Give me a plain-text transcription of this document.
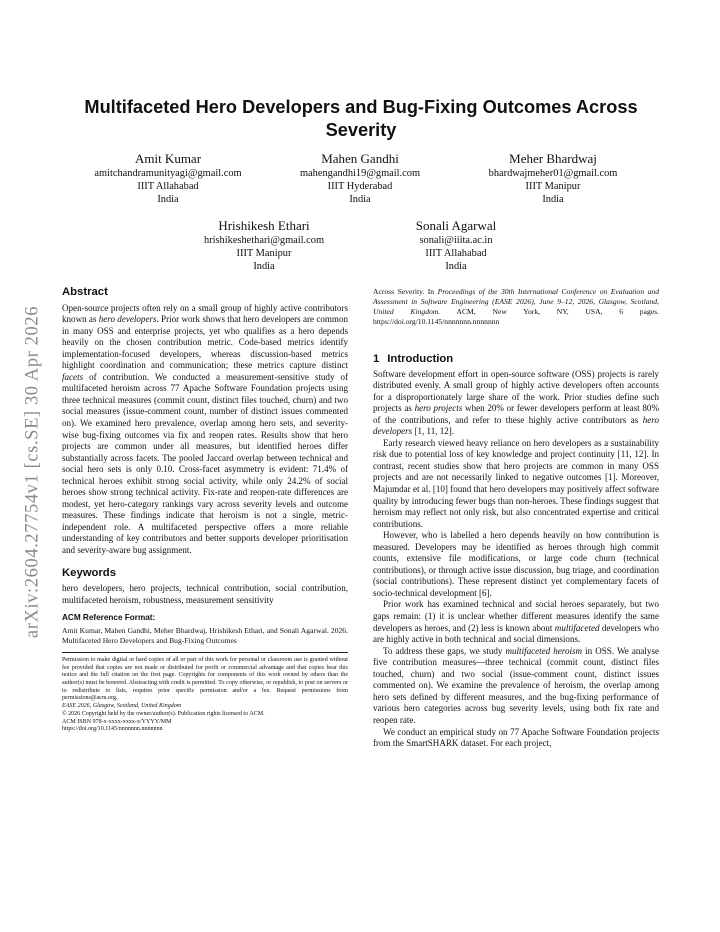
arXiv:2604.27754v1 [cs.SE] 30 Apr 2026
Multifaceted Hero Developers and Bug-Fixing Outcomes Across Severity
Amit Kumar
amitchandramunityagi@gmail.com
IIIT Allahabad
India
Mahen Gandhi
mahengandhi19@gmail.com
IIIT Hyderabad
India
Meher Bhardwaj
bhardwajmeher01@gmail.com
IIIT Manipur
India
Hrishikesh Ethari
hrishikeshethari@gmail.com
IIIT Manipur
India
Sonali Agarwal
sonali@iiita.ac.in
IIIT Allahabad
India
Abstract

Open-source projects often rely on a small group of highly active contributors known as hero developers. Prior work shows that hero developers are common in many OSS and enterprise projects, yet who qualifies as a hero depends heavily on the chosen contribution metric. Code-based metrics identify implementation-focused developers, whereas discussion-based metrics highlight coordination and communication; these metrics capture distinct facets of contribution. We conducted a measurement-sensitive study of multifaceted heroism across 77 Apache Software Foundation projects using three technical measures (commit count, distinct files touched, churn) and two social measures (issue-comment count, number of distinct issues commented on). We examined hero prevalence, overlap among hero sets, and severity-wise bug-fixing outcomes via fix and reopen rates. Results show that hero projects are common under all measures, but identified heroes differ substantially across facets. The pooled Jaccard overlap between technical and social hero sets is only 0.10. Cross-facet asymmetry is evident: 71.4% of technical heroes exhibit strong social activity, while only 24.2% of social heroes show strong technical activity. Fix-rate and reopen-rate differences are modest, yet hero-category rankings vary across severity levels and outcome measures. These findings indicate that heroism is not a single, metric-independent role. A multifaceted perspective offers a more reliable understanding of key contributors and better supports developer prioritisation and severity-aware bug assignment.

Keywords

hero developers, hero projects, technical contribution, social contribution, multifaceted heroism, robustness, measurement sensitivity

ACM Reference Format:

Amit Kumar, Mahen Gandhi, Meher Bhardwaj, Hrishikesh Ethari, and Sonali Agarwal. 2026. Multifaceted Hero Developers and Bug-Fixing Outcomes

Permission to make digital or hard copies of all or part of this work for personal or classroom use is granted without fee provided that copies are not made or distributed for profit or commercial advantage and that copies bear this notice and the full citation on the first page. Copyrights for components of this work owned by others than the author(s) must be honored. Abstracting with credit is permitted. To copy otherwise, or republish, to post on servers or to redistribute to lists, requires prior specific permission and/or a fee. Request permissions from permissions@acm.org.

EASE 2026, Glasgow, Scotland, United Kingdom

© 2026 Copyright held by the owner/author(s). Publication rights licensed to ACM.

ACM ISBN 978-x-xxxx-xxxx-x/YYYY/MM

https://doi.org/10.1145/nnnnnnn.nnnnnnn

Across Severity. In Proceedings of the 30th International Conference on Evaluation and Assessment in Software Engineering (EASE 2026), June 9–12, 2026, Glasgow, Scotland, United Kingdom. ACM, New York, NY, USA, 6 pages. https://doi.org/10.1145/nnnnnnn.nnnnnnn

1 Introduction

Software development effort in open-source software (OSS) projects is rarely distributed evenly. A small group of highly active developers often accounts for a disproportionately large share of the work. Prior studies define such projects as hero projects when 20% or fewer developers perform at least 80% of the contributions, and refer to these highly active contributors as hero developers [1, 11, 12].

Early research viewed heavy reliance on hero developers as a sustainability risk due to potential loss of key knowledge and project continuity [11, 12]. In contrast, recent studies show that hero projects are common in many OSS projects and are not necessarily linked to negative outcomes [1]. Moreover, Majumdar et al. [10] found that hero developers may positively affect software quality by introducing fewer bugs than non-heroes. These findings suggest that heroism may reflect not only risk, but also concentrated expertise and critical contributions.

However, who is labelled a hero depends heavily on how contribution is measured. Developers may be identified as heroes through high commit counts, extensive file modifications, or large code churn (technical contributions), or through active issue discussion, bug triage, and coordination (social contributions). These represent distinct yet complementary facets of socio-technical development [6].

Prior work has examined technical and social heroes separately, but two gaps remain: (1) it is unclear whether different measures identify the same developers as heroes, and (2) less is known about multifaceted developers who are highly active in both technical and social dimensions.

To address these gaps, we study multifaceted heroism in OSS. We analyse five contribution measures—three technical (commit count, distinct files touched, churn) and two social (issue-comment count, distinct issues commented on). We examine the prevalence of heroism, the overlap among hero sets defined by different measures, and the bug-fixing performance of various hero categories across bug severity levels, using both fix rate and reopen rate.

We conduct an empirical study on 77 Apache Software Foundation projects from the SmartSHARK dataset. For each project,
